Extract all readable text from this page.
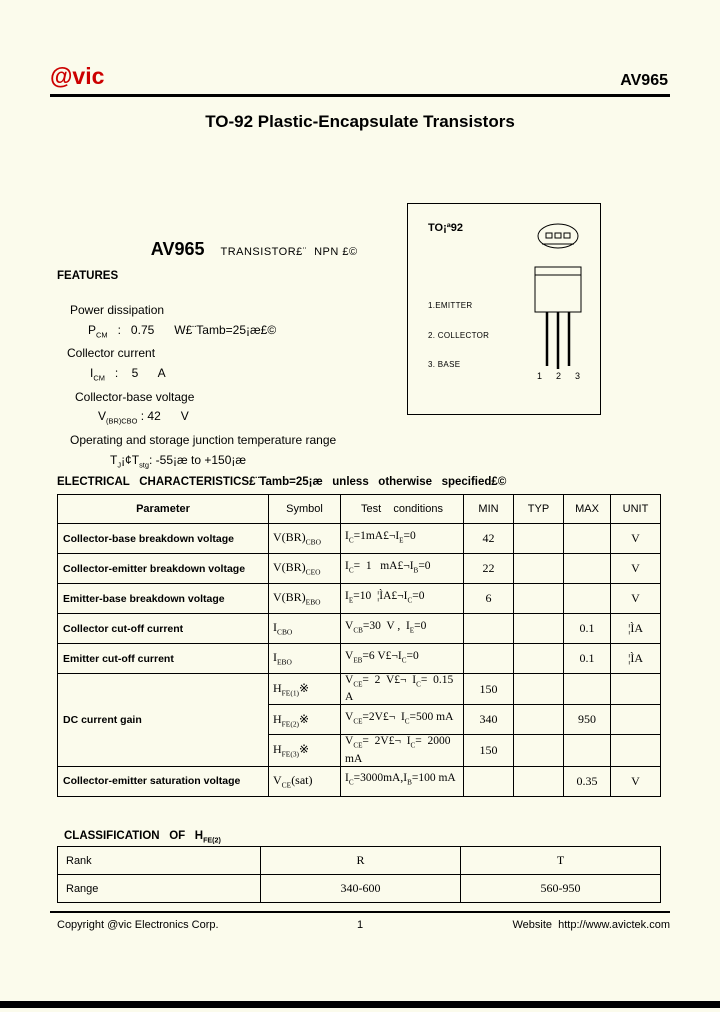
@vic	AV965
TO-92 Plastic-Encapsulate Transistors

AV965 TRANSISTOR£¨  NPN £©

TO¡ª92
1.EMITTER
2. COLLECTOR
3. BASE
1  2  3
FEATURES
Power dissipation
$P_{CM}$   :   0.75      W£¨Tamb=25¡æ£©
Collector current
$I_{CM}$   :    5      A
Collector-base voltage
$V_{(BR)CBO}$ : 42      V
Operating and storage junction temperature range
$T_J¡¢T_{stg}$: -55¡æ to +150¡æ
ELECTRICAL   CHARACTERISTICS£¨Tamb=25¡æ   unless   otherwise   specified£©
Parameter	Symbol	Test    conditions	MIN	TYP	MAX	UNIT
Collector-base breakdown voltage	$V(BR)_{CBO}$	$I_C=1mA£\neg I_E=0$	42			V
Collector-emitter breakdown voltage	$V(BR)_{CEO}$	$I_C= 1$   $mA£\neg I_B=0$	22			V
Emitter-base breakdown voltage	$V(BR)_{EBO}$	$I_E=10$  $¦ÌA£\neg I_C=0$	6			V
Collector cut-off current	$I_{CBO}$	$V_{CB}=30$  V ,  $I_E=0$			0.1	¦ÌA
Emitter cut-off current	$I_{EBO}$	$V_{EB}=6$ $V£\neg I_C=0$			0.1	¦ÌA
DC current gain	$H_{FE(1)}※$	$V_{CE}= 2$  V£¬  $I_C= 0.15$ A	150			
	$H_{FE(2)}※$	$V_{CE}=2V£\neg$  $I_C=500$ mA	340		950	
	$H_{FE(3)}※$	$V_{CE}=$  2V£¬  $I_C= 2000$ mA	150			
Collector-emitter saturation voltage	$V_{CE}(sat)$	$I_C=3000mA,I_B=100$ mA			0.35	V
CLASSIFICATION   OF   $H_{FE(2)}$
Rank	R	T
Range	340-600	560-950
1
Copyright @vic Electronics Corp.	Website  http://www.avictek.com
